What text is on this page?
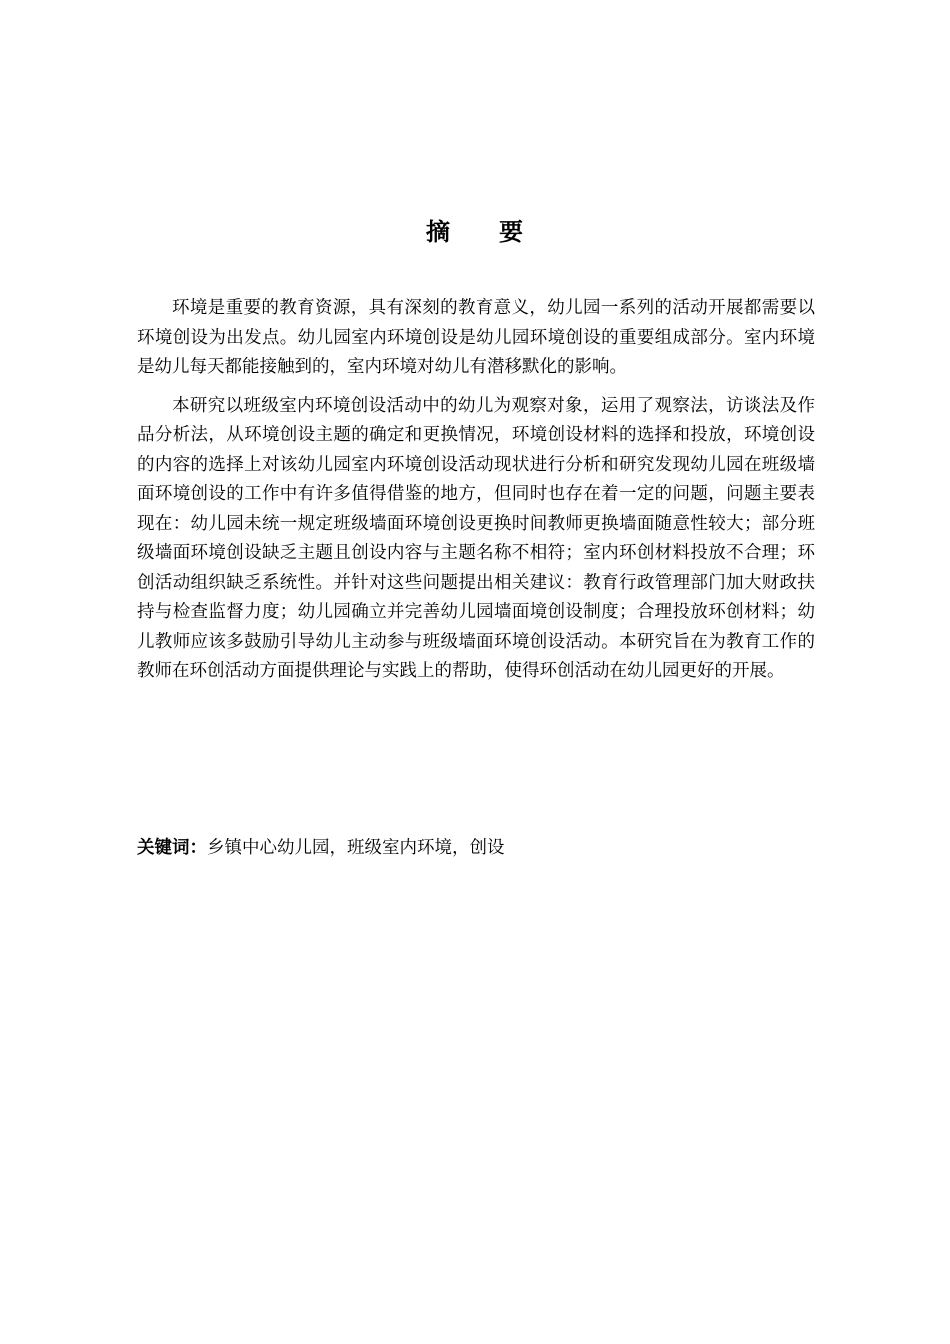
摘 要

环境是重要的教育资源，具有深刻的教育意义，幼儿园一系列的活动开展都需要以环境创设为出发点。幼儿园室内环境创设是幼儿园环境创设的重要组成部分。室内环境是幼儿每天都能接触到的，室内环境对幼儿有潜移默化的影响。

本研究以班级室内环境创设活动中的幼儿为观察对象，运用了观察法，访谈法及作品分析法，从环境创设主题的确定和更换情况，环境创设材料的选择和投放，环境创设的内容的选择上对该幼儿园室内环境创设活动现状进行分析和研究发现幼儿园在班级墙面环境创设的工作中有许多值得借鉴的地方，但同时也存在着一定的问题，问题主要表现在：幼儿园未统一规定班级墙面环境创设更换时间教师更换墙面随意性较大；部分班级墙面环境创设缺乏主题且创设内容与主题名称不相符；室内环创材料投放不合理；环创活动组织缺乏系统性。并针对这些问题提出相关建议：教育行政管理部门加大财政扶持与检查监督力度；幼儿园确立并完善幼儿园墙面境创设制度；合理投放环创材料；幼儿教师应该多鼓励引导幼儿主动参与班级墙面环境创设活动。本研究旨在为教育工作的教师在环创活动方面提供理论与实践上的帮助，使得环创活动在幼儿园更好的开展。

关键词：乡镇中心幼儿园，班级室内环境，创设
